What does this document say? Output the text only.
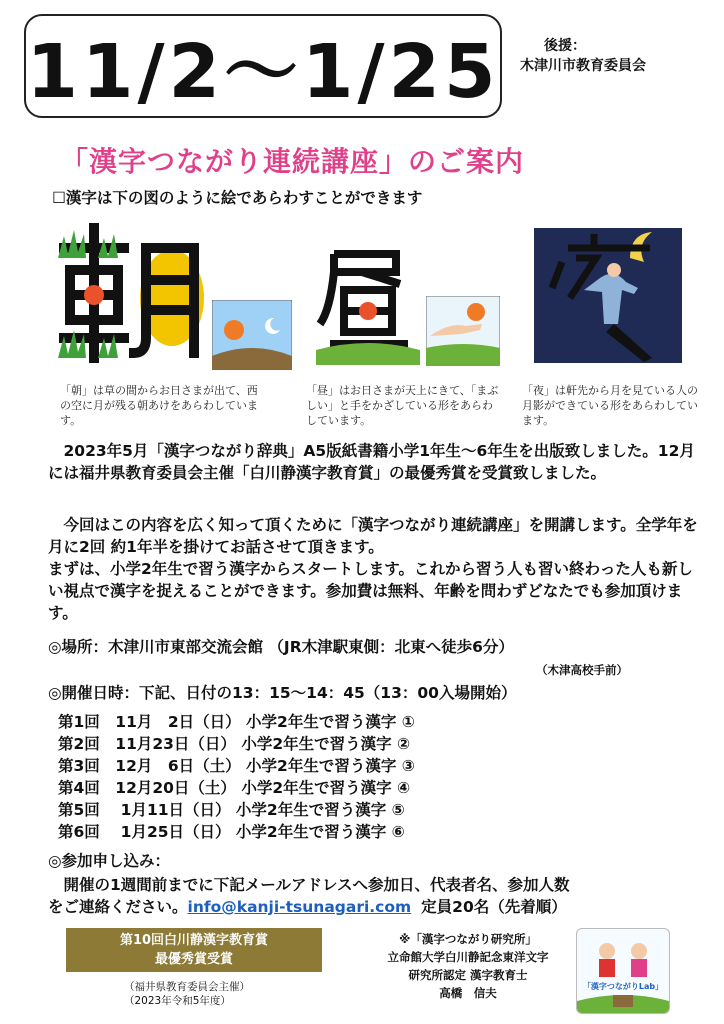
11/2～1/25	後援：
木津川市教育委員会
「漢字つながり連続講座」のご案内
☐漢字は下の図のように絵であらわすことができます
「朝」は草の間からお日さまが出て、西の空に月が残る朝あけをあらわしています。
「昼」はお日さまが天上にきて、「まぶしい」と手をかざしている形をあらわしています。
「夜」は軒先から月を見ている人の月影ができている形をあらわしています。
　2023年5月「漢字つながり辞典」A5版紙書籍小学1年生～6年生を出版致しました。12月には福井県教育委員会主催「白川静漢字教育賞」の最優秀賞を受賞致しました。
　今回はこの内容を広く知って頂くために「漢字つながり連続講座」を開講します。全学年を月に2回 約1年半を掛けてお話させて頂きます。
まずは、小学2年生で習う漢字からスタートします。これから習う人も習い終わった人も新しい視点で漢字を捉えることができます。参加費は無料、年齢を問わずどなたでも参加頂けます。
◎場所：木津川市東部交流会館 （JR木津駅東側：北東へ徒歩6分）
（木津高校手前）
◎開催日時：下記、日付の13：15～14：45（13：00入場開始）
第1回　11月　2日（日） 小学2年生で習う漢字 ①
第2回　11月23日（日） 小学2年生で習う漢字 ②
第3回　12月　6日（土） 小学2年生で習う漢字 ③
第4回　12月20日（土） 小学2年生で習う漢字 ④
第5回　 1月11日（日） 小学2年生で習う漢字 ⑤
第6回　 1月25日（日） 小学2年生で習う漢字 ⑥
◎参加申し込み：
　開催の1週間前までに下記メールアドレスへ参加日、代表者名、参加人数
をご連絡ください。info@kanji-tsunagari.com 定員20名（先着順）
第10回白川静漢字教育賞
最優秀賞受賞
（福井県教育委員会主催）
（2023年令和5年度）
※「漢字つながり研究所」
立命館大学白川静記念東洋文字
研究所認定 漢字教育士
高橋　信夫	「漢字つながりLab」
